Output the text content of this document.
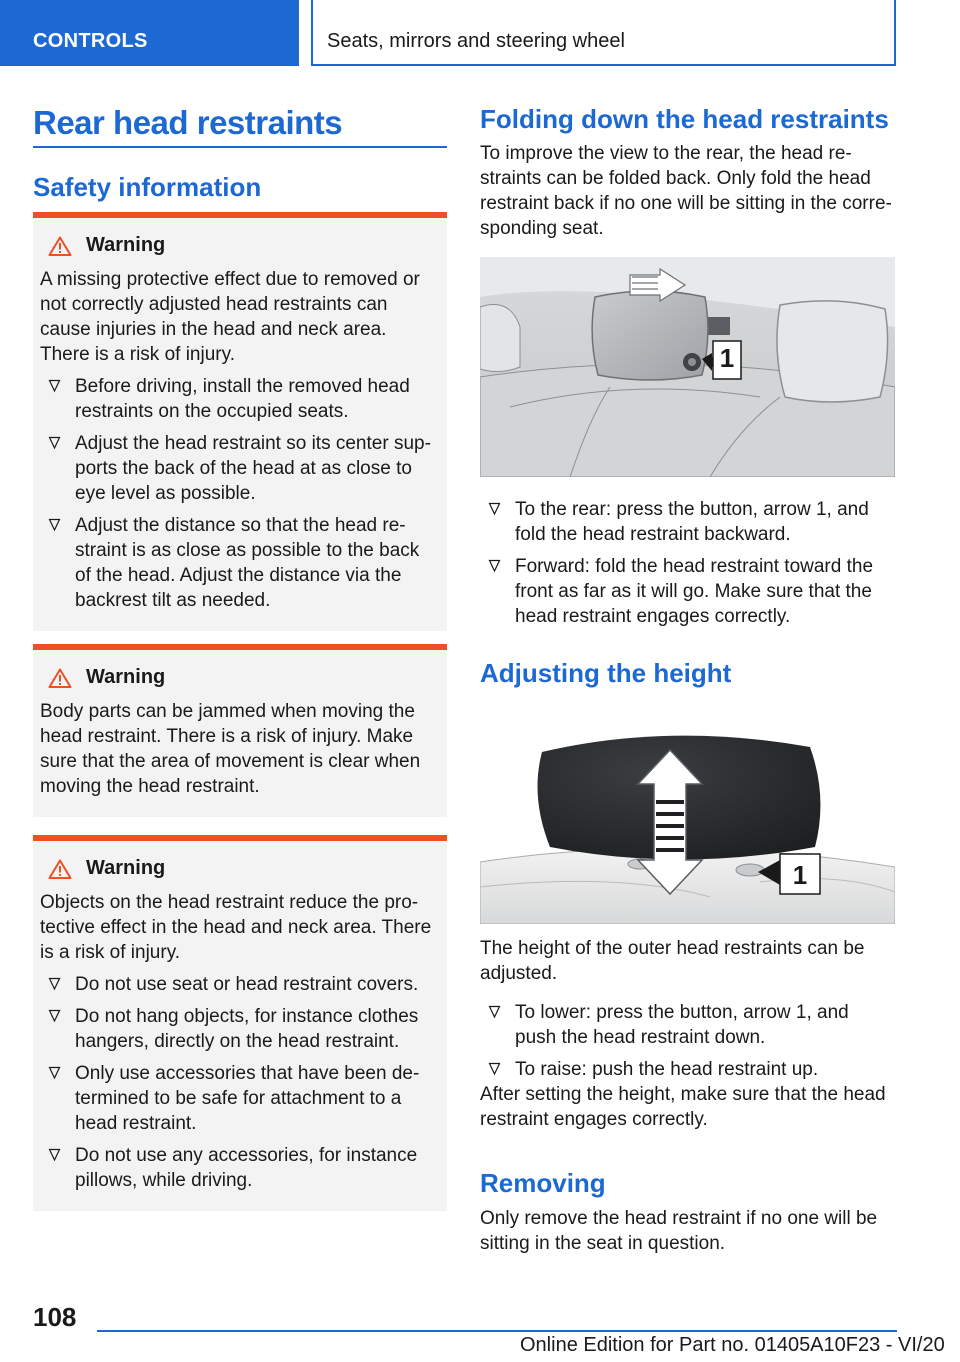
CONTROLS	Seats, mirrors and steering wheel
Rear head restraints
Safety information
Warning

A missing protective effect due to removed or not correctly adjusted head restraints can cause injuries in the head and neck area. There is a risk of injury.

Before driving, install the removed head restraints on the occupied seats.
Adjust the head restraint so its center sup-ports the back of the head at as close to eye level as possible.
Adjust the distance so that the head re-straint is as close as possible to the back of the head. Adjust the distance via the backrest tilt as needed.
Warning

Body parts can be jammed when moving the head restraint. There is a risk of injury. Make sure that the area of movement is clear when moving the head restraint.

Warning

Objects on the head restraint reduce the pro-tective effect in the head and neck area. There is a risk of injury.

Do not use seat or head restraint covers.
Do not hang objects, for instance clothes hangers, directly on the head restraint.
Only use accessories that have been de-termined to be safe for attachment to a head restraint.
Do not use any accessories, for instance pillows, while driving.
Folding down the head restraints
To improve the view to the rear, the head re-straints can be folded back. Only fold the head restraint back if no one will be sitting in the corre-sponding seat.
1
To the rear: press the button, arrow 1, and fold the head restraint backward.
Forward: fold the head restraint toward the front as far as it will go. Make sure that the head restraint engages correctly.
Adjusting the height
1
The height of the outer head restraints can be adjusted.
To lower: press the button, arrow 1, and push the head restraint down.
To raise: push the head restraint up.
After setting the height, make sure that the head restraint engages correctly.
Removing
Only remove the head restraint if no one will be sitting in the seat in question.
108
Online Edition for Part no. 01405A10F23 - VI/20
